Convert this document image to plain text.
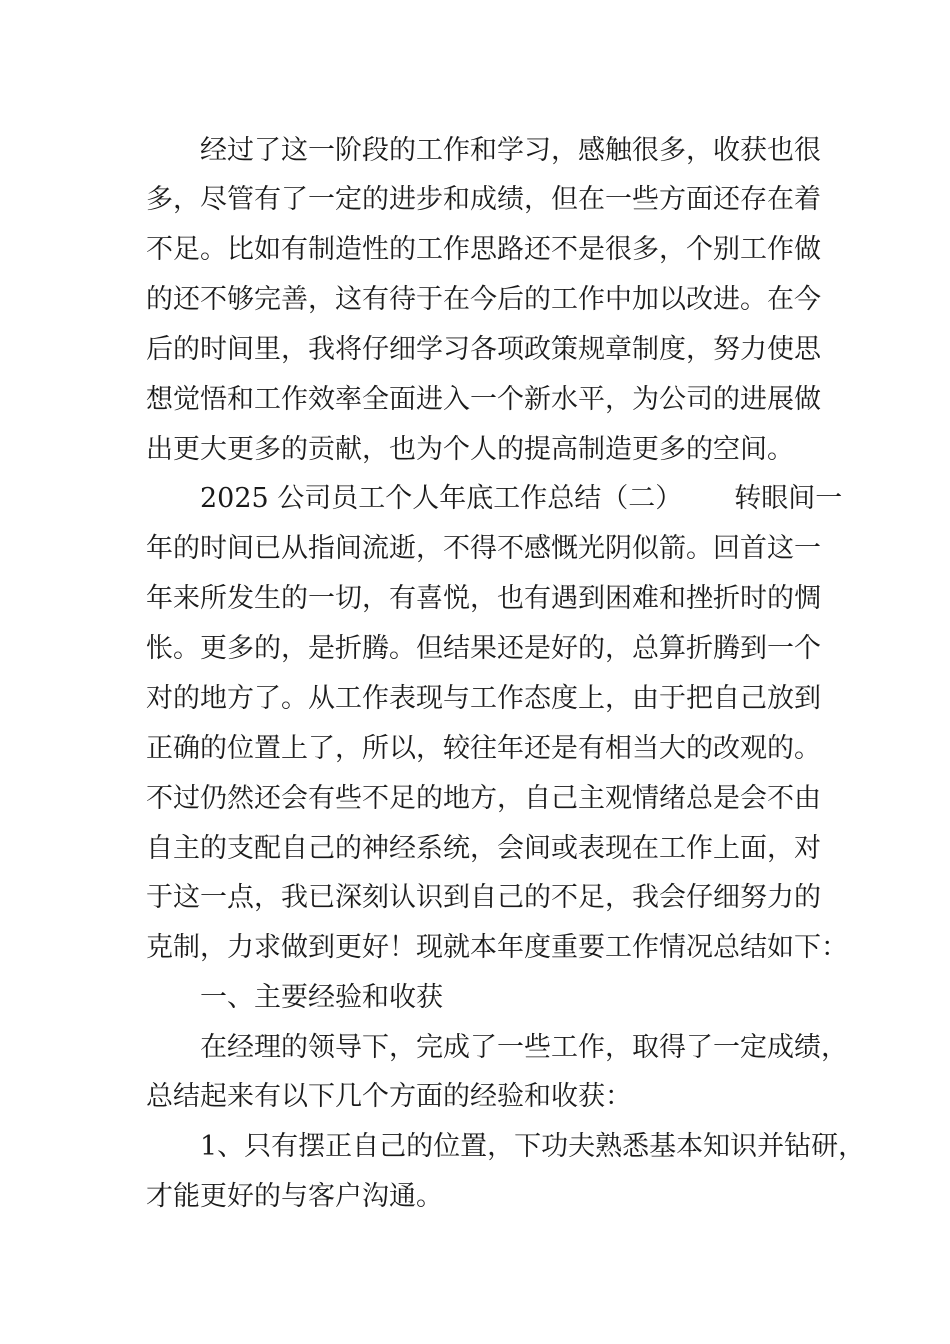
经过了这一阶段的工作和学习，感触很多，收获也很
多，尽管有了一定的进步和成绩，但在一些方面还存在着
不足。比如有制造性的工作思路还不是很多，个别工作做
的还不够完善，这有待于在今后的工作中加以改进。在今
后的时间里，我将仔细学习各项政策规章制度，努力使思
想觉悟和工作效率全面进入一个新水平，为公司的进展做
出更大更多的贡献，也为个人的提高制造更多的空间。
2025 公司员工个人年底工作总结（二） 转眼间一
年的时间已从指间流逝，不得不感慨光阴似箭。回首这一
年来所发生的一切，有喜悦，也有遇到困难和挫折时的惆
怅。更多的，是折腾。但结果还是好的，总算折腾到一个
对的地方了。从工作表现与工作态度上，由于把自己放到
正确的位置上了，所以，较往年还是有相当大的改观的。
不过仍然还会有些不足的地方，自己主观情绪总是会不由
自主的支配自己的神经系统，会间或表现在工作上面，对
于这一点，我已深刻认识到自己的不足，我会仔细努力的
克制，力求做到更好！现就本年度重要工作情况总结如下：
一、主要经验和收获
在经理的领导下，完成了一些工作，取得了一定成绩，
总结起来有以下几个方面的经验和收获：
1、只有摆正自己的位置，下功夫熟悉基本知识并钻研，
才能更好的与客户沟通。
